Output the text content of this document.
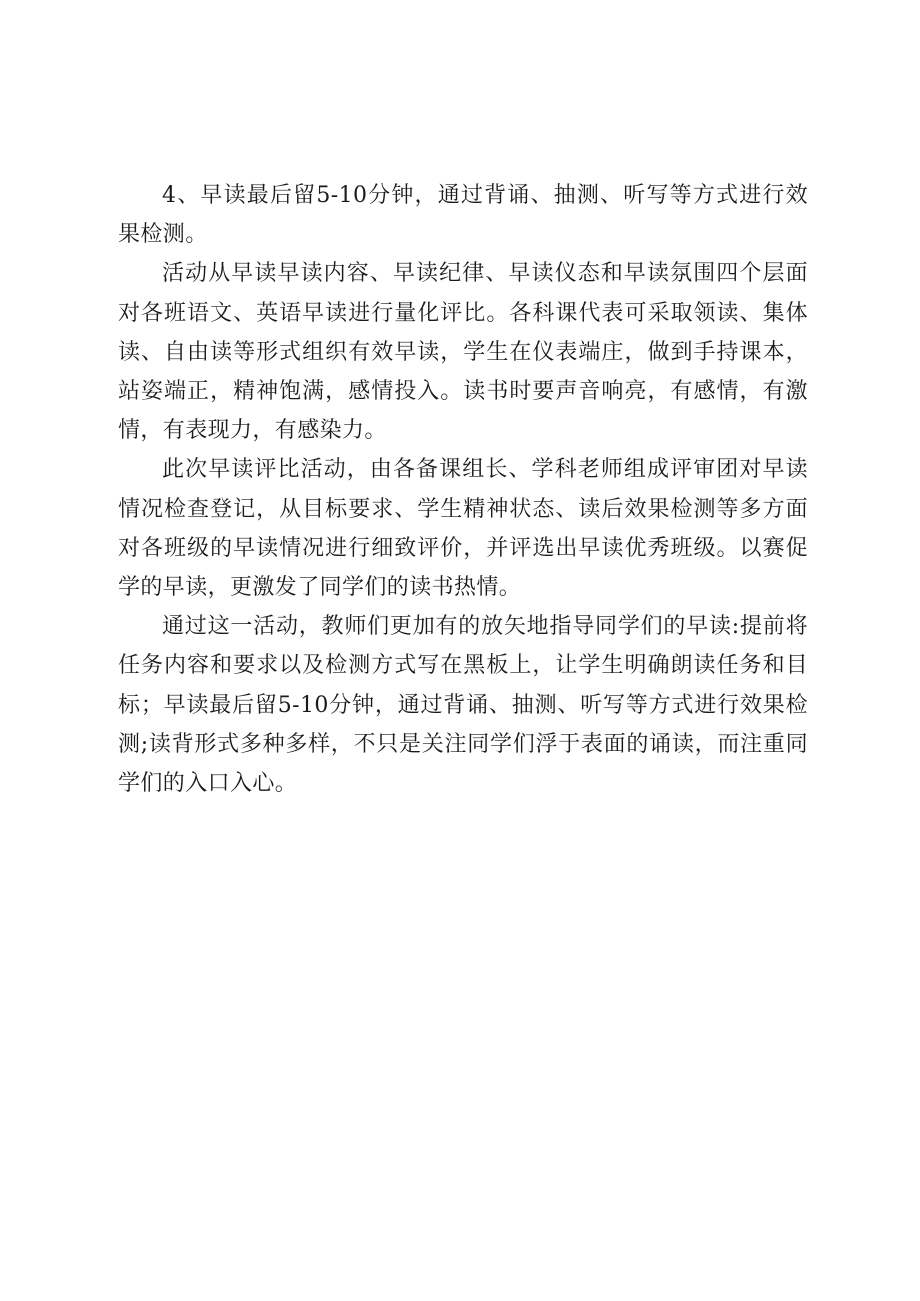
4、早读最后留5-10分钟，通过背诵、抽测、听写等方式进行效果检测。

活动从早读早读内容、早读纪律、早读仪态和早读氛围四个层面对各班语文、英语早读进行量化评比。各科课代表可采取领读、集体读、自由读等形式组织有效早读，学生在仪表端庄，做到手持课本，站姿端正，精神饱满，感情投入。读书时要声音响亮，有感情，有激情，有表现力，有感染力。

此次早读评比活动，由各备课组长、学科老师组成评审团对早读情况检查登记，从目标要求、学生精神状态、读后效果检测等多方面对各班级的早读情况进行细致评价，并评选出早读优秀班级。以赛促学的早读，更激发了同学们的读书热情。

通过这一活动，教师们更加有的放矢地指导同学们的早读:提前将任务内容和要求以及检测方式写在黑板上，让学生明确朗读任务和目标；早读最后留5-10分钟，通过背诵、抽测、听写等方式进行效果检测;读背形式多种多样，不只是关注同学们浮于表面的诵读，而注重同学们的入口入心。
